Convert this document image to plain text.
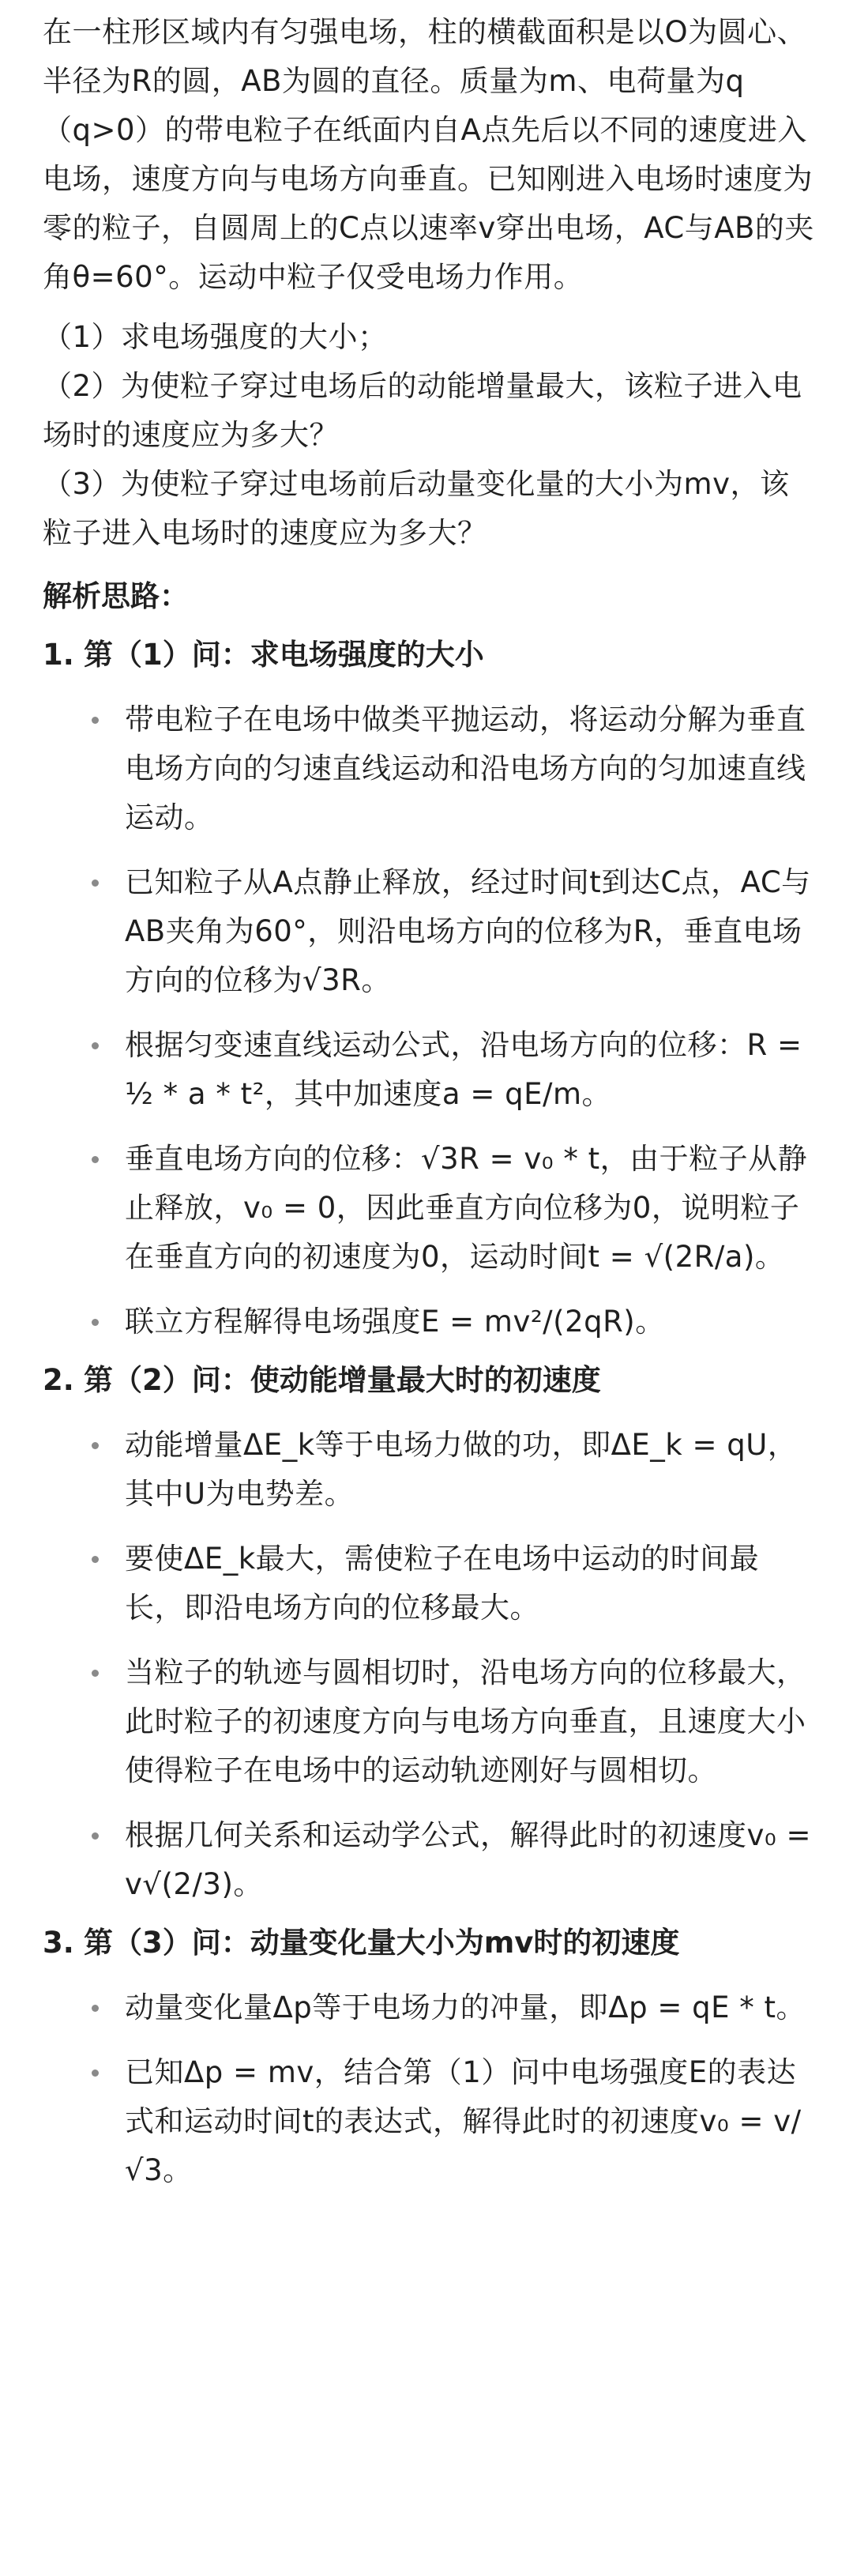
在一柱形区域内有匀强电场，柱的横截面积是以O为圆心、半径为R的圆，AB为圆的直径。质量为m、电荷量为q（q>0）的带电粒子在纸面内自A点先后以不同的速度进入电场，速度方向与电场方向垂直。已知刚进入电场时速度为零的粒子，自圆周上的C点以速率v穿出电场，AC与AB的夹角θ=60°。运动中粒子仅受电场力作用。

（1）求电场强度的大小；

（2）为使粒子穿过电场后的动能增量最大，该粒子进入电场时的速度应为多大？

（3）为使粒子穿过电场前后动量变化量的大小为mv，该粒子进入电场时的速度应为多大？

解析思路：

1. 第（1）问：求电场强度的大小

带电粒子在电场中做类平抛运动，将运动分解为垂直电场方向的匀速直线运动和沿电场方向的匀加速直线运动。
已知粒子从A点静止释放，经过时间t到达C点，AC与AB夹角为60°，则沿电场方向的位移为R，垂直电场方向的位移为√3R。
根据匀变速直线运动公式，沿电场方向的位移：R = ½ * a * t²，其中加速度a = qE/m。
垂直电场方向的位移：√3R = v₀ * t，由于粒子从静止释放，v₀ = 0，因此垂直方向位移为0，说明粒子在垂直方向的初速度为0，运动时间t = √(2R/a)。
联立方程解得电场强度E = mv²/(2qR)。

2. 第（2）问：使动能增量最大时的初速度

动能增量ΔE_k等于电场力做的功，即ΔE_k = qU，其中U为电势差。
要使ΔE_k最大，需使粒子在电场中运动的时间最长，即沿电场方向的位移最大。
当粒子的轨迹与圆相切时，沿电场方向的位移最大，此时粒子的初速度方向与电场方向垂直，且速度大小使得粒子在电场中的运动轨迹刚好与圆相切。
根据几何关系和运动学公式，解得此时的初速度v₀ = v√(2/3)。

3. 第（3）问：动量变化量大小为mv时的初速度

动量变化量Δp等于电场力的冲量，即Δp = qE * t。
已知Δp = mv，结合第（1）问中电场强度E的表达式和运动时间t的表达式，解得此时的初速度v₀ = v/√3。
